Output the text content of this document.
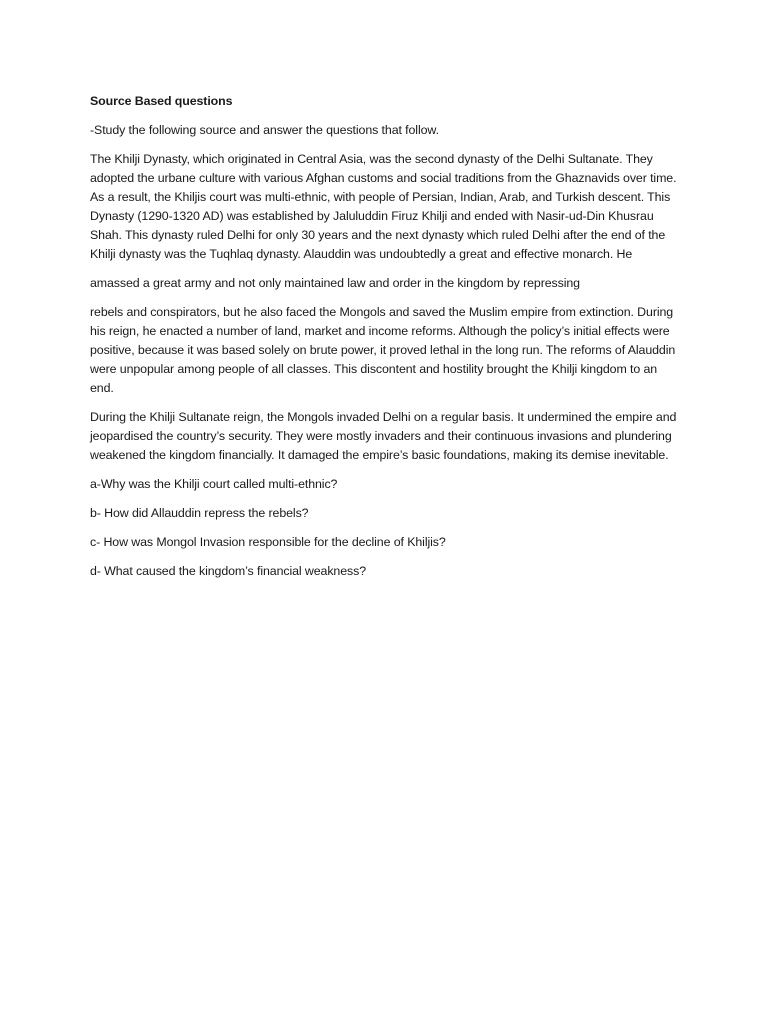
Source Based questions

-Study the following source and answer the questions that follow.

The Khilji Dynasty, which originated in Central Asia, was the second dynasty of the Delhi Sultanate. They adopted the urbane culture with various Afghan customs and social traditions from the Ghaznavids over time. As a result, the Khiljis court was multi-ethnic, with people of Persian, Indian, Arab, and Turkish descent. This Dynasty (1290-1320 AD) was established by Jaluluddin Firuz Khilji and ended with Nasir-ud-Din Khusrau Shah. This dynasty ruled Delhi for only 30 years and the next dynasty which ruled Delhi after the end of the Khilji dynasty was the Tuqhlaq dynasty. Alauddin was undoubtedly a great and effective monarch. He

amassed a great army and not only maintained law and order in the kingdom by repressing

rebels and conspirators, but he also faced the Mongols and saved the Muslim empire from extinction. During his reign, he enacted a number of land, market and income reforms. Although the policy’s initial effects were positive, because it was based solely on brute power, it proved lethal in the long run. The reforms of Alauddin were unpopular among people of all classes. This discontent and hostility brought the Khilji kingdom to an end.

During the Khilji Sultanate reign, the Mongols invaded Delhi on a regular basis. It undermined the empire and jeopardised the country’s security. They were mostly invaders and their continuous invasions and plundering weakened the kingdom financially. It damaged the empire’s basic foundations, making its demise inevitable.

a-Why was the Khilji court called multi-ethnic?

b- How did Allauddin repress the rebels?

c- How was Mongol Invasion responsible for the decline of Khiljis?

d- What caused the kingdom’s financial weakness?
